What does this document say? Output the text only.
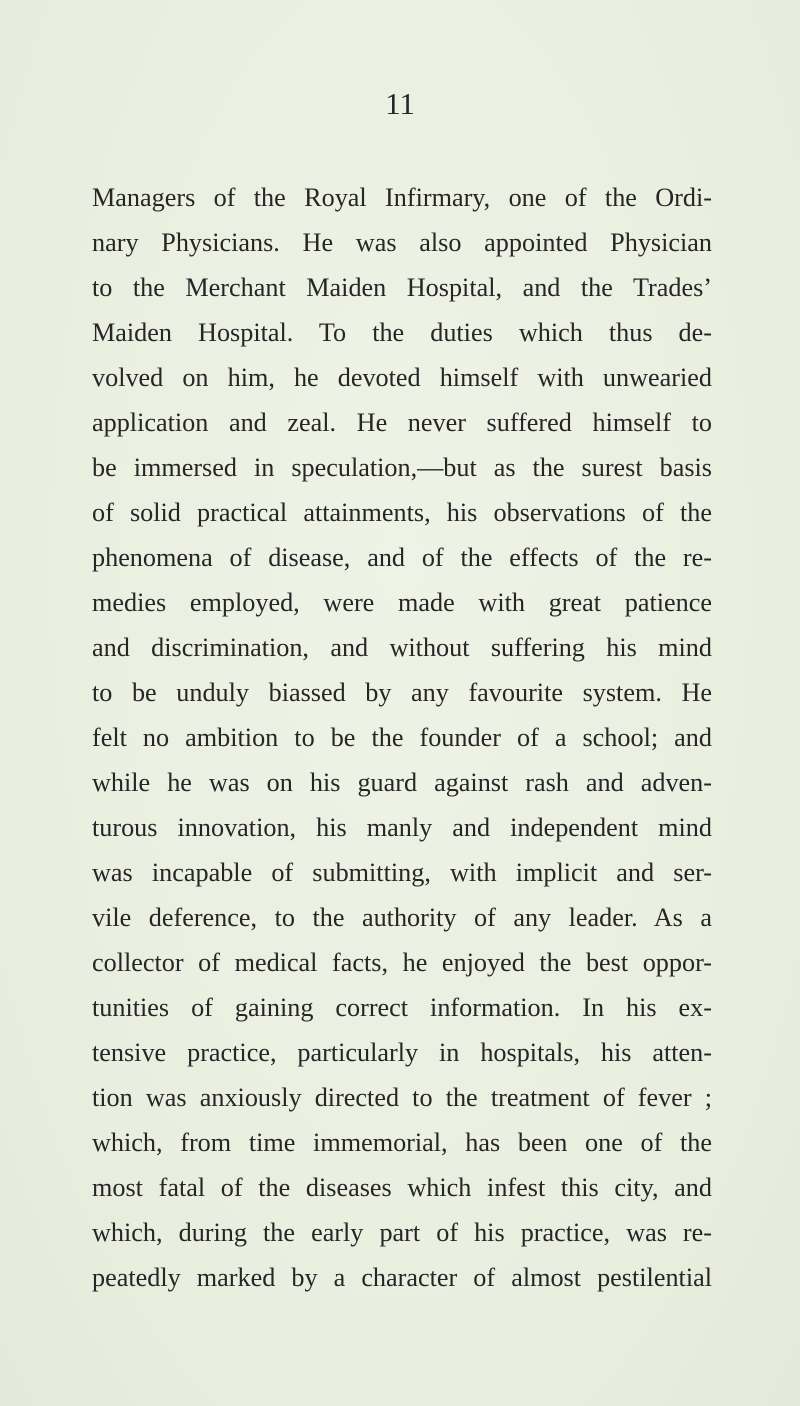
11
Managers of the Royal Infirmary, one of the Ordi-
nary Physicians. He was also appointed Physician
to the Merchant Maiden Hospital, and the Trades’
Maiden Hospital. To the duties which thus de-
volved on him, he devoted himself with unwearied
application and zeal. He never suffered himself to
be immersed in speculation,—but as the surest basis
of solid practical attainments, his observations of the
phenomena of disease, and of the effects of the re-
medies employed, were made with great patience
and discrimination, and without suffering his mind
to be unduly biassed by any favourite system. He
felt no ambition to be the founder of a school; and
while he was on his guard against rash and adven-
turous innovation, his manly and independent mind
was incapable of submitting, with implicit and ser-
vile deference, to the authority of any leader. As a
collector of medical facts, he enjoyed the best oppor-
tunities of gaining correct information. In his ex-
tensive practice, particularly in hospitals, his atten-
tion was anxiously directed to the treatment of fever ;
which, from time immemorial, has been one of the
most fatal of the diseases which infest this city, and
which, during the early part of his practice, was re-
peatedly marked by a character of almost pestilential
